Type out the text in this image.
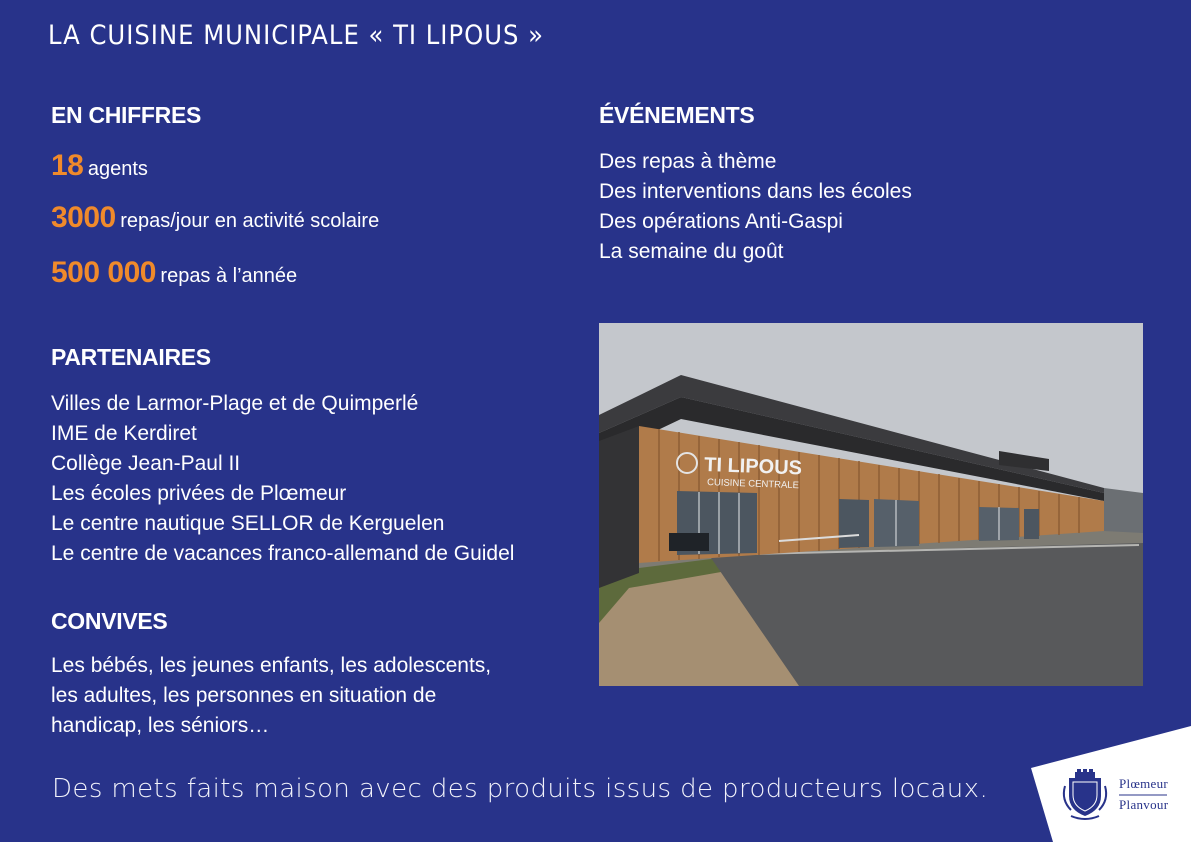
LA CUISINE MUNICIPALE « TI LIPOUS »
EN CHIFFRES
18 agents
3000 repas/jour en activité scolaire
500 000 repas à l’année
PARTENAIRES
Villes de Larmor-Plage et de Quimperlé
IME de Kerdiret
Collège Jean-Paul II
Les écoles privées de Plœmeur
Le centre nautique SELLOR de Kerguelen
Le centre de vacances franco-allemand de Guidel
CONVIVES
Les bébés, les jeunes enfants, les adolescents,
les adultes, les personnes en situation de
handicap, les séniors…
ÉVÉNEMENTS
Des repas à thème
Des interventions dans les écoles
Des opérations Anti-Gaspi
La semaine du goût
TI LIPOUS
CUISINE CENTRALE
Des mets faits maison avec des produits issus de producteurs locaux.	Plœmeur
Planvour
